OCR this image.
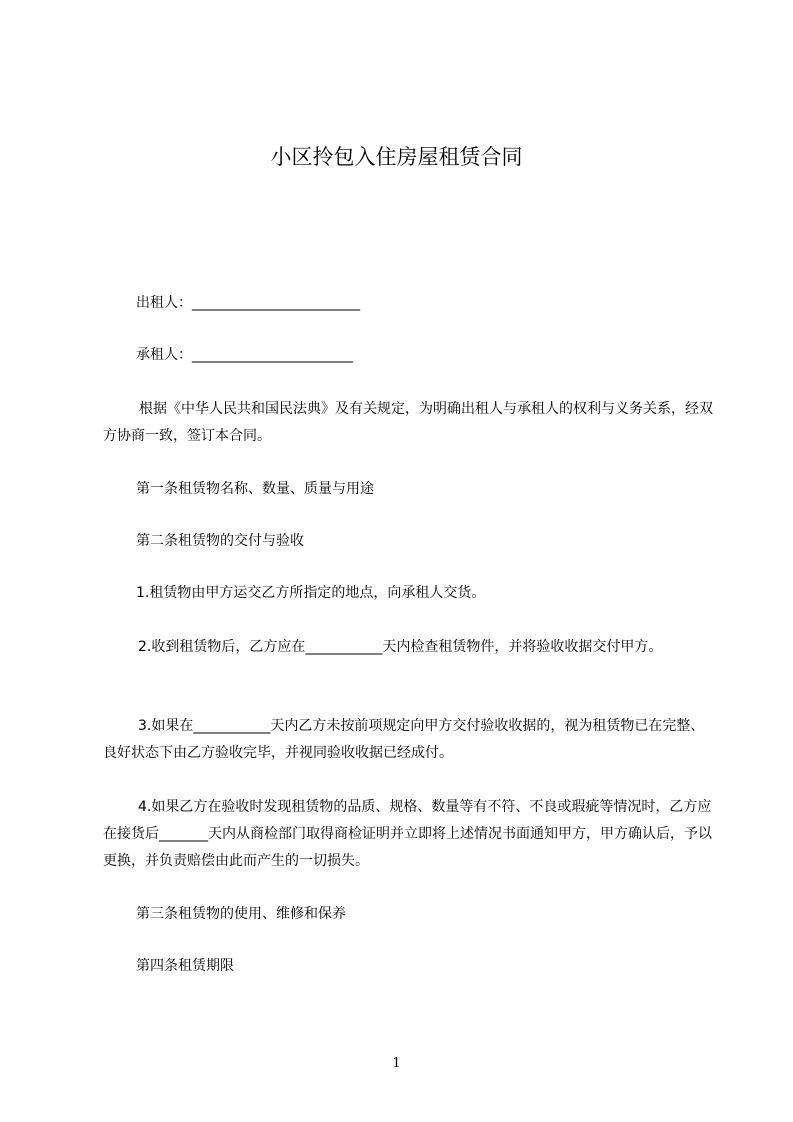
小区拎包入住房屋租赁合同
出租人：________________________
承租人：_______________________
根据《中华人民共和国民法典》及有关规定，为明确出租人与承租人的权利与义务关系，经双方协商一致，签订本合同。
第一条租赁物名称、数量、质量与用途
第二条租赁物的交付与验收
1.租赁物由甲方运交乙方所指定的地点，向承租人交货。
2.收到租赁物后，乙方应在___________天内检查租赁物件，并将验收收据交付甲方。
3.如果在___________天内乙方未按前项规定向甲方交付验收收据的，视为租赁物已在完整、良好状态下由乙方验收完毕，并视同验收收据已经成付。
4.如果乙方在验收时发现租赁物的品质、规格、数量等有不符、不良或瑕疵等情况时，乙方应在接货后_______天内从商检部门取得商检证明并立即将上述情况书面通知甲方，甲方确认后，予以更换，并负责赔偿由此而产生的一切损失。
第三条租赁物的使用、维修和保养
第四条租赁期限
1
